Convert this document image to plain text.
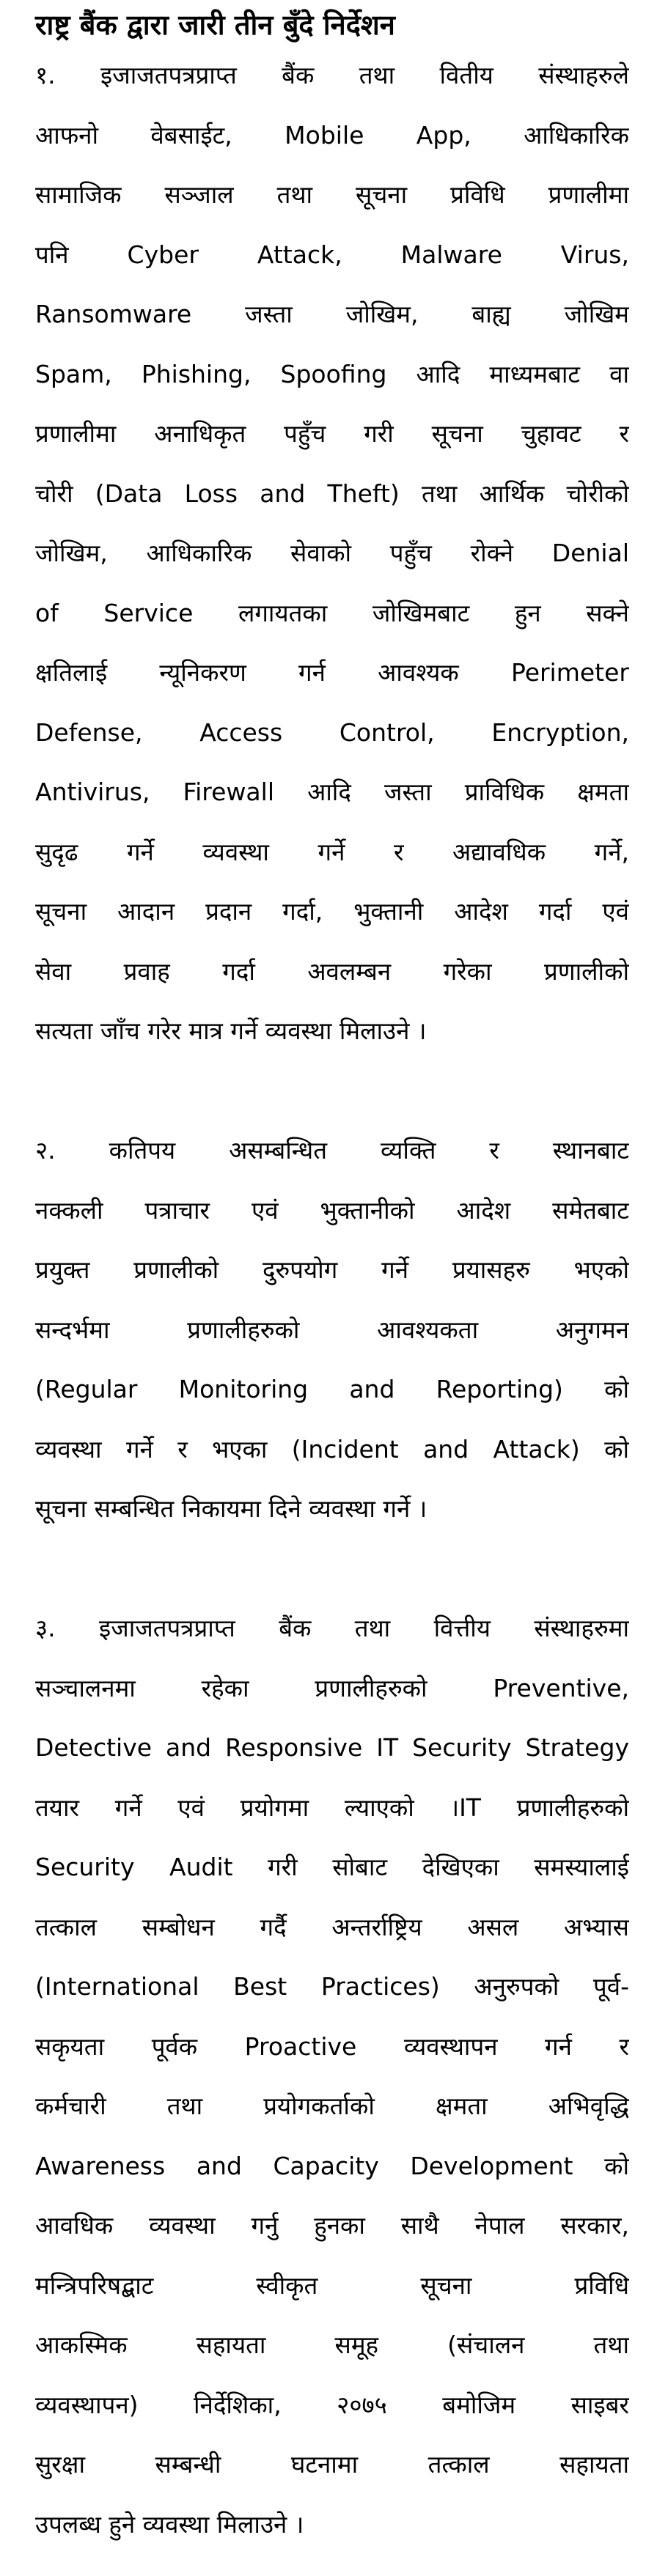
राष्ट्र बैंक द्वारा जारी तीन बुँदे निर्देशन
१. इजाजतपत्रप्राप्त बैंक तथा वितीय संस्थाहरुले
आफनो वेबसाईट, Mobile App, आधिकारिक
सामाजिक सञ्जाल तथा सूचना प्रविधि प्रणालीमा
पनि Cyber Attack, Malware Virus,
Ransomware जस्ता जोखिम, बाह्य जोखिम
Spam, Phishing, Spoofing आदि माध्यमबाट वा
प्रणालीमा अनाधिकृत पहुँच गरी सूचना चुहावट र
चोरी (Data Loss and Theft) तथा आर्थिक चोरीको
जोखिम, आधिकारिक सेवाको पहुँच रोक्ने Denial
of Service लगायतका जोखिमबाट हुन सक्ने
क्षतिलाई न्यूनिकरण गर्न आवश्यक Perimeter
Defense, Access Control, Encryption,
Antivirus, Firewall आदि जस्ता प्राविधिक क्षमता
सुदृढ गर्ने व्यवस्था गर्ने र अद्यावधिक गर्ने,
सूचना आदान प्रदान गर्दा, भुक्तानी आदेश गर्दा एवं
सेवा प्रवाह गर्दा अवलम्बन गरेका प्रणालीको
सत्यता जाँच गरेर मात्र गर्ने व्यवस्था मिलाउने ।
२. कतिपय असम्बन्धित व्यक्ति र स्थानबाट
नक्कली पत्राचार एवं भुक्तानीको आदेश समेतबाट
प्रयुक्त प्रणालीको दुरुपयोग गर्ने प्रयासहरु भएको
सन्दर्भमा प्रणालीहरुको आवश्यकता अनुगमन
(Regular Monitoring and Reporting) को
व्यवस्था गर्ने र भएका (Incident and Attack) को
सूचना सम्बन्धित निकायमा दिने व्यवस्था गर्ने ।
३. इजाजतपत्रप्राप्त बैंक तथा वित्तीय संस्थाहरुमा
सञ्चालनमा रहेका प्रणालीहरुको Preventive,
Detective and Responsive IT Security Strategy
तयार गर्ने एवं प्रयोगमा ल्याएको ।IT प्रणालीहरुको
Security Audit गरी सोबाट देखिएका समस्यालाई
तत्काल सम्बोधन गर्दै अन्तर्राष्ट्रिय असल अभ्यास
(International Best Practices) अनुरुपको पूर्व-
सकृयता पूर्वक Proactive व्यवस्थापन गर्न र
कर्मचारी तथा प्रयोगकर्ताको क्षमता अभिवृद्धि
Awareness and Capacity Development को
आवधिक व्यवस्था गर्नु हुनका साथै नेपाल सरकार,
मन्त्रिपरिषद्बाट स्वीकृत सूचना प्रविधि
आकस्मिक सहायता समूह (संचालन तथा
व्यवस्थापन) निर्देशिका, २०७५ बमोजिम साइबर
सुरक्षा सम्बन्धी घटनामा तत्काल सहायता
उपलब्ध हुने व्यवस्था मिलाउने ।
